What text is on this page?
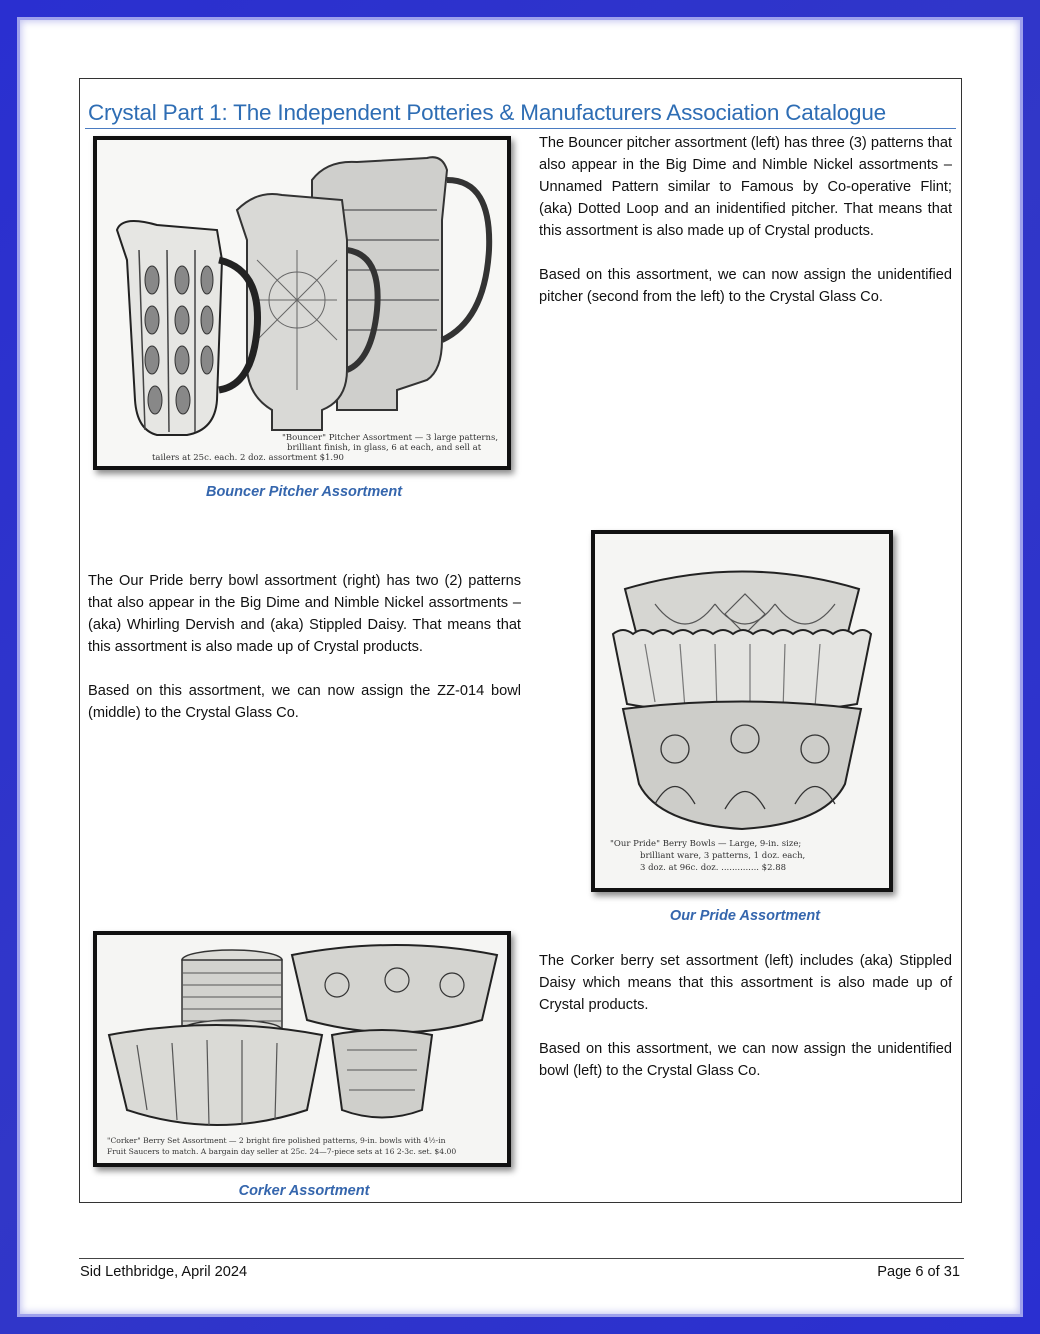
Crystal Part 1: The Independent Potteries & Manufacturers Association Catalogue
"Bouncer" Pitcher Assortment — 3 large patterns,
brilliant finish, in glass, 6 at each, and sell at
tailers at 25c. each. 2 doz. assortment $1.90
Bouncer Pitcher Assortment

The Bouncer pitcher assortment (left) has three (3) patterns that also appear in the Big Dime and Nimble Nickel assortments –Unnamed Pattern similar to Famous by Co-operative Flint; (aka) Dotted Loop and an inidentified pitcher. That means that this assortment is also made up of Crystal products.

Based on this assortment, we can now assign the unidentified pitcher (second from the left) to the Crystal Glass Co.

The Our Pride berry bowl assortment (right) has two (2) patterns that also appear in the Big Dime and Nimble Nickel assortments – (aka) Whirling Dervish and (aka) Stippled Daisy. That means that this assortment is also made up of Crystal products.

Based on this assortment, we can now assign the ZZ-014 bowl (middle) to the Crystal Glass Co.

"Our Pride" Berry Bowls — Large, 9-in. size;
brilliant ware, 3 patterns, 1 doz. each,
3 doz. at 96c. doz. .............. $2.88
Our Pride Assortment
"Corker" Berry Set Assortment — 2 bright fire polished patterns, 9-in. bowls with 4½-in
Fruit Saucers to match. A bargain day seller at 25c. 24—7-piece sets at 16 2-3c. set. $4.00
Corker Assortment

The Corker berry set assortment (left) includes (aka) Stippled Daisy which means that this assortment is also made up of Crystal products.

Based on this assortment, we can now assign the unidentified bowl (left) to the Crystal Glass Co.

Sid Lethbridge, April 2024	Page 6 of 31
